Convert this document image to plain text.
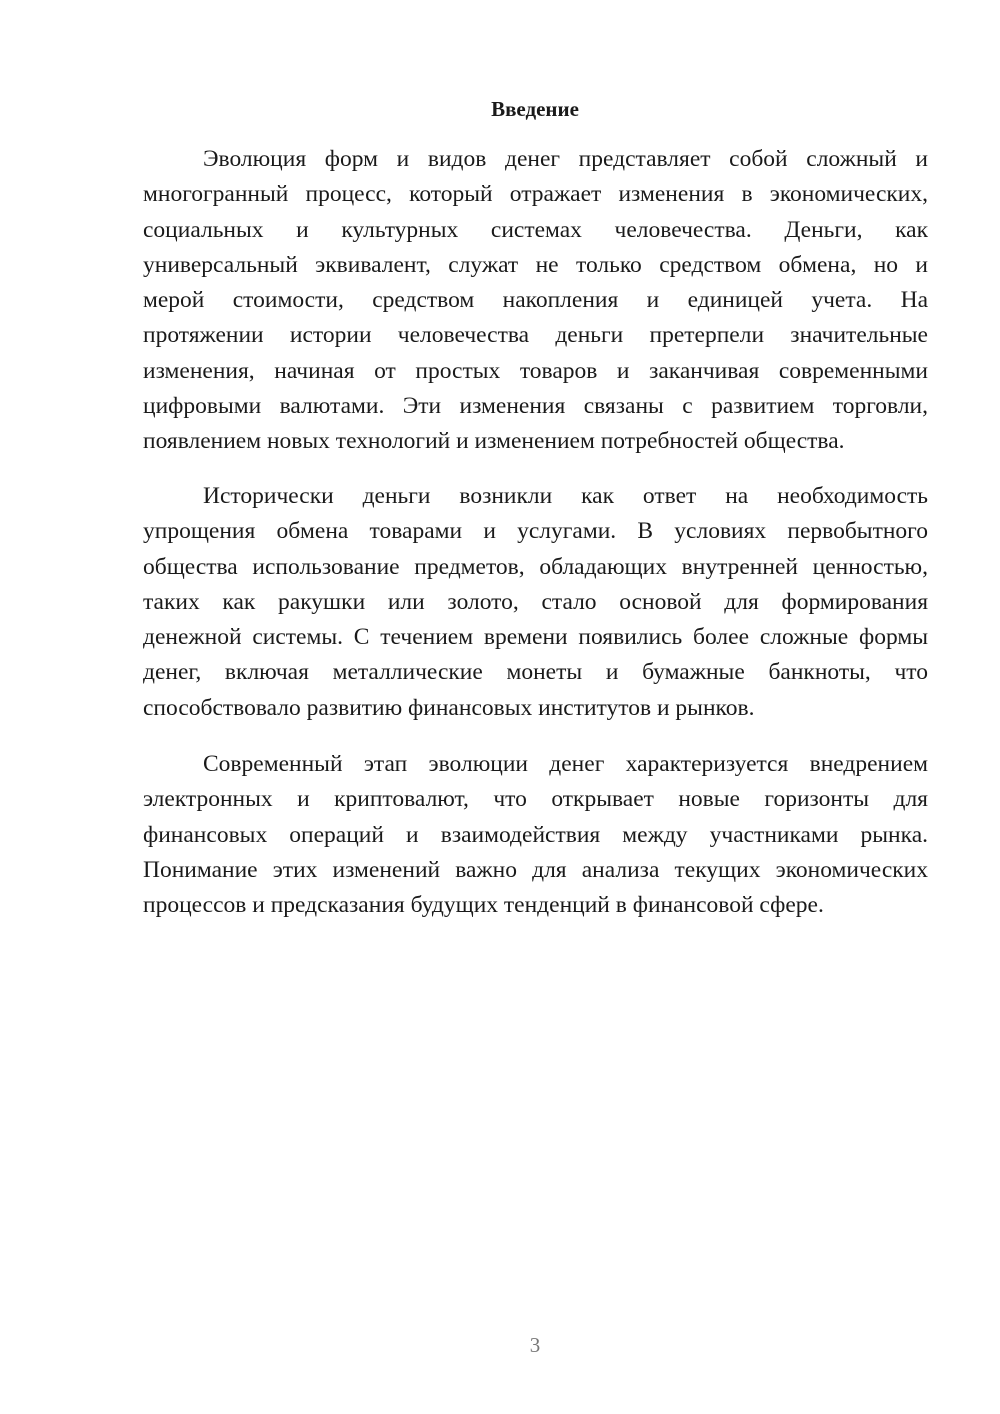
Введение
Эволюция форм и видов денег представляет собой сложный и
многогранный процесс, который отражает изменения в экономических,
социальных и культурных системах человечества. Деньги, как
универсальный эквивалент, служат не только средством обмена, но и
мерой стоимости, средством накопления и единицей учета. На
протяжении истории человечества деньги претерпели значительные
изменения, начиная от простых товаров и заканчивая современными
цифровыми валютами. Эти изменения связаны с развитием торговли,
появлением новых технологий и изменением потребностей общества.
Исторически деньги возникли как ответ на необходимость
упрощения обмена товарами и услугами. В условиях первобытного
общества использование предметов, обладающих внутренней ценностью,
таких как ракушки или золото, стало основой для формирования
денежной системы. С течением времени появились более сложные формы
денег, включая металлические монеты и бумажные банкноты, что
способствовало развитию финансовых институтов и рынков.
Современный этап эволюции денег характеризуется внедрением
электронных и криптовалют, что открывает новые горизонты для
финансовых операций и взаимодействия между участниками рынка.
Понимание этих изменений важно для анализа текущих экономических
процессов и предсказания будущих тенденций в финансовой сфере.
3
